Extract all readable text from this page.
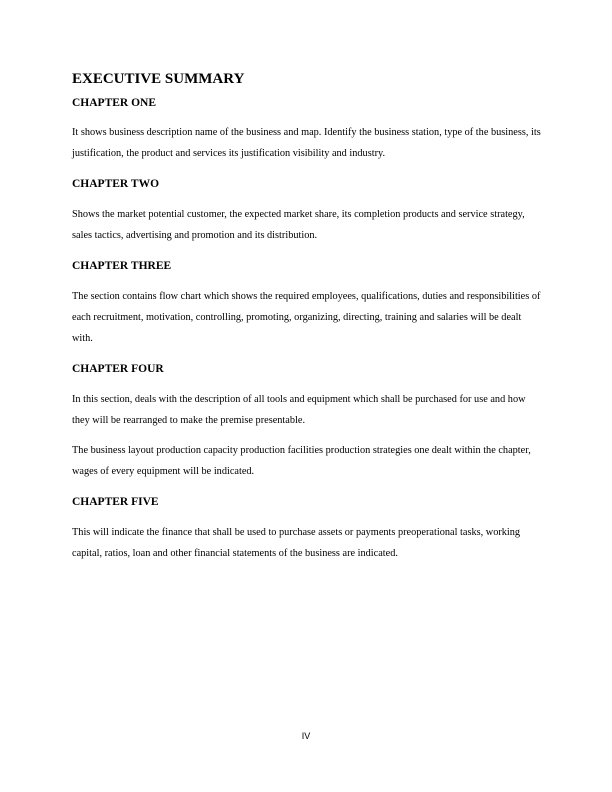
EXECUTIVE SUMMARY
CHAPTER ONE

It shows business description name of the business and map. Identify the business station, type of the business, its justification, the product and services its justification visibility and industry.

CHAPTER TWO

Shows the market potential customer, the expected market share, its completion products and service strategy, sales tactics, advertising and promotion and its distribution.

CHAPTER THREE

The section contains flow chart which shows the required employees, qualifications, duties and responsibilities of each recruitment, motivation, controlling, promoting, organizing, directing, training and salaries will be dealt with.

CHAPTER FOUR

In this section, deals with the description of all tools and equipment which shall be purchased for use and how they will be rearranged to make the premise presentable.

The business layout production capacity production facilities production strategies one dealt within the chapter, wages of every equipment will be indicated.

CHAPTER FIVE

This will indicate the finance that shall be used to purchase assets or payments preoperational tasks, working capital, ratios, loan and other financial statements of the business are indicated.

IV
